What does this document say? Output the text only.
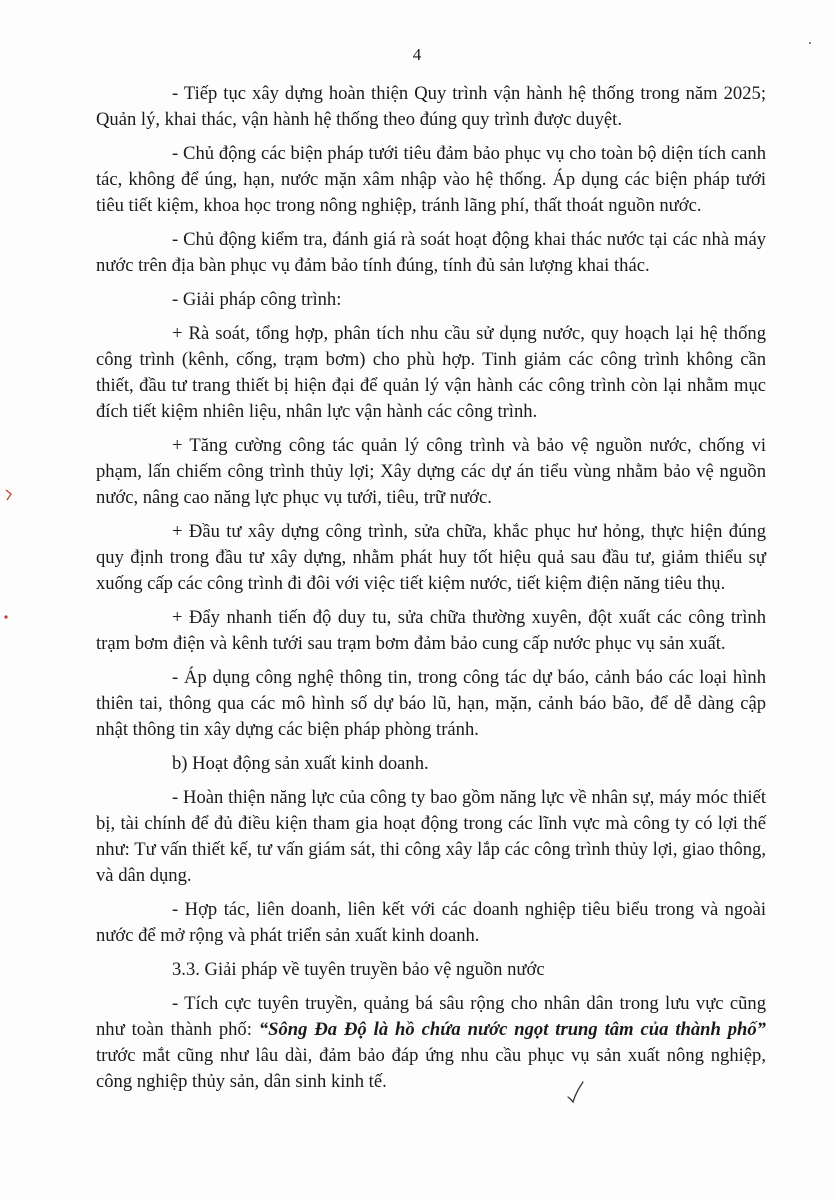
4

- Tiếp tục xây dựng hoàn thiện Quy trình vận hành hệ thống trong năm 2025; Quản lý, khai thác, vận hành hệ thống theo đúng quy trình được duyệt.

- Chủ động các biện pháp tưới tiêu đảm bảo phục vụ cho toàn bộ diện tích canh tác, không để úng, hạn, nước mặn xâm nhập vào hệ thống. Áp dụng các biện pháp tưới tiêu tiết kiệm, khoa học trong nông nghiệp, tránh lãng phí, thất thoát nguồn nước.

- Chủ động kiểm tra, đánh giá rà soát hoạt động khai thác nước tại các nhà máy nước trên địa bàn phục vụ đảm bảo tính đúng, tính đủ sản lượng khai thác.

- Giải pháp công trình:

+ Rà soát, tổng hợp, phân tích nhu cầu sử dụng nước, quy hoạch lại hệ thống công trình (kênh, cống, trạm bơm) cho phù hợp. Tinh giảm các công trình không cần thiết, đầu tư trang thiết bị hiện đại để quản lý vận hành các công trình còn lại nhằm mục đích tiết kiệm nhiên liệu, nhân lực vận hành các công trình.

+ Tăng cường công tác quản lý công trình và bảo vệ nguồn nước, chống vi phạm, lấn chiếm công trình thủy lợi; Xây dựng các dự án tiểu vùng nhằm bảo vệ nguồn nước, nâng cao năng lực phục vụ tưới, tiêu, trữ nước.

+ Đầu tư xây dựng công trình, sửa chữa, khắc phục hư hỏng, thực hiện đúng quy định trong đầu tư xây dựng, nhằm phát huy tốt hiệu quả sau đầu tư, giảm thiểu sự xuống cấp các công trình đi đôi với việc tiết kiệm nước, tiết kiệm điện năng tiêu thụ.

+ Đẩy nhanh tiến độ duy tu, sửa chữa thường xuyên, đột xuất các công trình trạm bơm điện và kênh tưới sau trạm bơm đảm bảo cung cấp nước phục vụ sản xuất.

- Áp dụng công nghệ thông tin, trong công tác dự báo, cảnh báo các loại hình thiên tai, thông qua các mô hình số dự báo lũ, hạn, mặn, cảnh báo bão, để dễ dàng cập nhật thông tin xây dựng các biện pháp phòng tránh.

b) Hoạt động sản xuất kinh doanh.

- Hoàn thiện năng lực của công ty bao gồm năng lực về nhân sự, máy móc thiết bị, tài chính để đủ điều kiện tham gia hoạt động trong các lĩnh vực mà công ty có lợi thế như: Tư vấn thiết kế, tư vấn giám sát, thi công xây lắp các công trình thủy lợi, giao thông, và dân dụng.

- Hợp tác, liên doanh, liên kết với các doanh nghiệp tiêu biểu trong và ngoài nước để mở rộng và phát triển sản xuất kinh doanh.

3.3. Giải pháp về tuyên truyền bảo vệ nguồn nước

- Tích cực tuyên truyền, quảng bá sâu rộng cho nhân dân trong lưu vực cũng như toàn thành phố: “Sông Đa Độ là hồ chứa nước ngọt trung tâm của thành phố” trước mắt cũng như lâu dài, đảm bảo đáp ứng nhu cầu phục vụ sản xuất nông nghiệp, công nghiệp thủy sản, dân sinh kinh tế.
